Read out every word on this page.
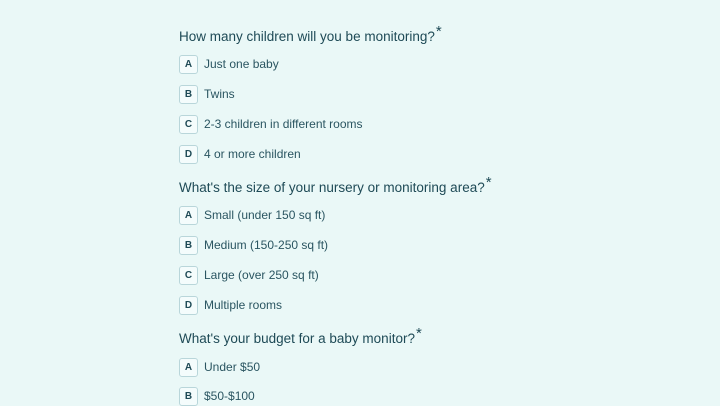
How many children will you be monitoring?*
A Just one baby
B Twins
C 2-3 children in different rooms
D 4 or more children
What's the size of your nursery or monitoring area?*
A Small (under 150 sq ft)
B Medium (150-250 sq ft)
C Large (over 250 sq ft)
D Multiple rooms
What's your budget for a baby monitor?*
A Under $50
B $50-$100
